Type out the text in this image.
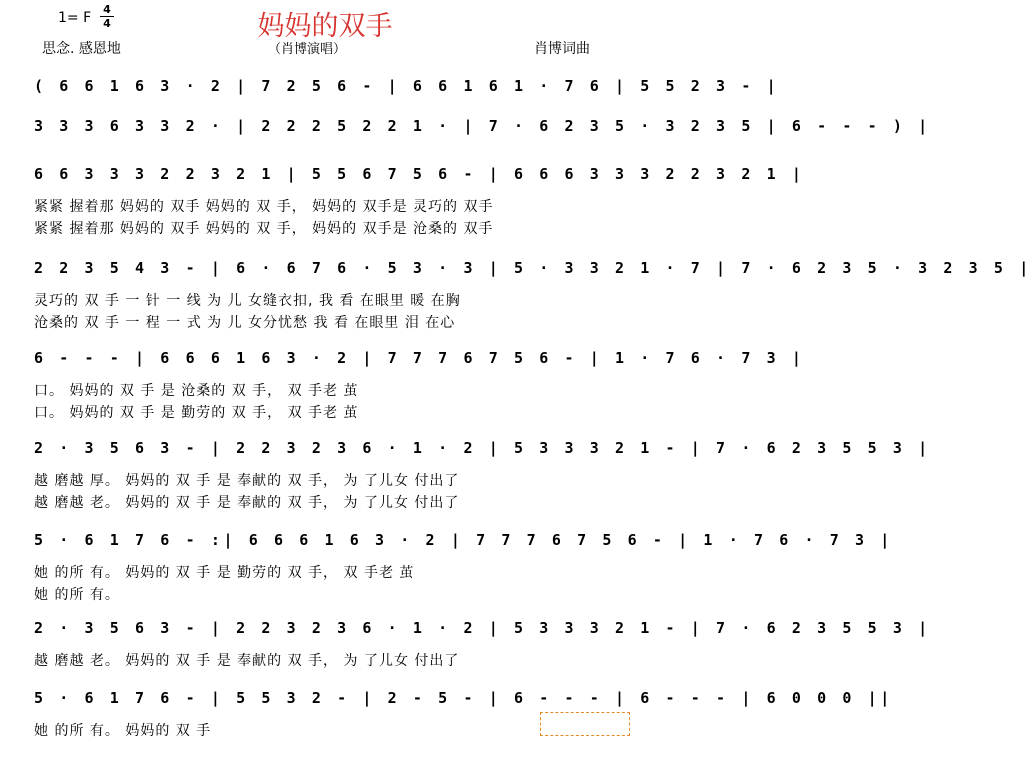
妈妈的双手
1= F
4
4
思念. 感恩地	（肖博演唱）	肖博词曲
( 6 6 1 6 3 · 2 | 7 2 5 6 - | 6 6 1 6 1 · 7 6 | 5 5 2 3 - |
3 3 3 6 3 3 2 · | 2 2 2 5 2 2 1 · | 7 · 6 2 3 5 · 3 2 3 5 | 6 - - - ) |
6 6 3 3 3 2 2 3 2 1 | 5 5 6 7 5 6 - | 6 6 6 3 3 3 2 2 3 2 1 |
紧紧 握着那 妈妈的 双手 妈妈的 双 手， 妈妈的 双手是 灵巧的 双手
紧紧 握着那 妈妈的 双手 妈妈的 双 手， 妈妈的 双手是 沧桑的 双手
2 2 3 5 4 3 - | 6 · 6 7 6 · 5 3 · 3 | 5 · 3 3 2 1 · 7 | 7 · 6 2 3 5 · 3 2 3 5 |
灵巧的 双 手 一 针 一 线 为 儿 女缝衣扣, 我 看 在眼里 暖 在胸
沧桑的 双 手 一 程 一 式 为 儿 女分忧愁 我 看 在眼里 泪 在心
6 - - - | 6 6 6 1 6 3 · 2 | 7 7 7 6 7 5 6 - | 1 · 7 6 · 7 3 |
口。 妈妈的 双 手 是 沧桑的 双 手， 双 手老 茧
口。 妈妈的 双 手 是 勤劳的 双 手， 双 手老 茧
2 · 3 5 6 3 - | 2 2 3 2 3 6 · 1 · 2 | 5 3 3 3 2 1 - | 7 · 6 2 3 5 5 3 |
越 磨越 厚。 妈妈的 双 手 是 奉献的 双 手， 为 了儿女 付出了
越 磨越 老。 妈妈的 双 手 是 奉献的 双 手， 为 了儿女 付出了
5 · 6 1 7 6 - :| 6 6 6 1 6 3 · 2 | 7 7 7 6 7 5 6 - | 1 · 7 6 · 7 3 |
她 的所 有。 妈妈的 双 手 是 勤劳的 双 手， 双 手老 茧
她 的所 有。
2 · 3 5 6 3 - | 2 2 3 2 3 6 · 1 · 2 | 5 3 3 3 2 1 - | 7 · 6 2 3 5 5 3 |
越 磨越 老。 妈妈的 双 手 是 奉献的 双 手， 为 了儿女 付出了
5 · 6 1 7 6 - | 5 5 3 2 - | 2 - 5 - | 6 - - - | 6 - - - | 6 0 0 0 ||
她 的所 有。 妈妈的 双 手
